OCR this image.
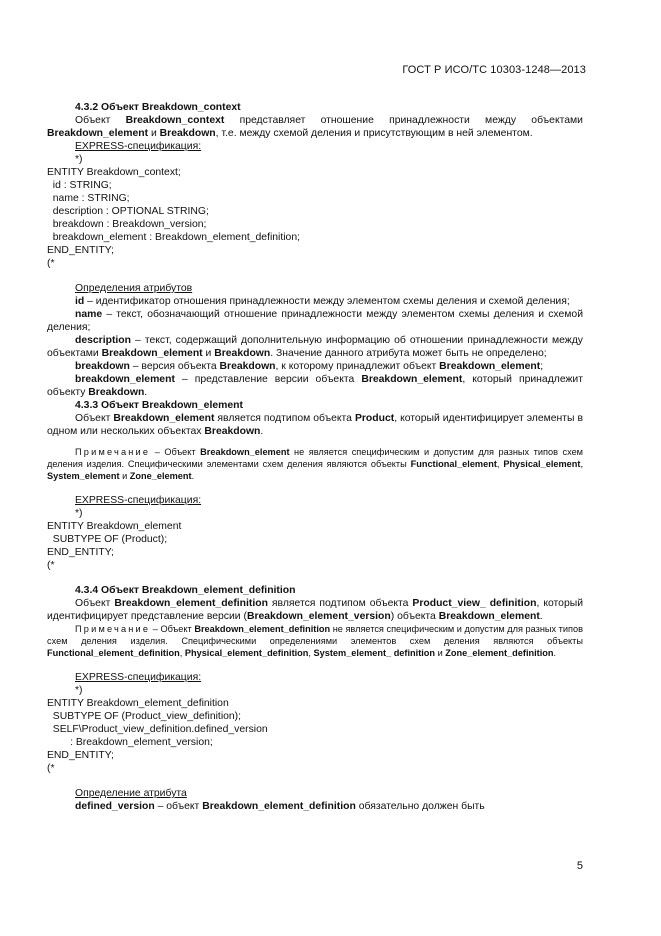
ГОСТ Р ИСО/ТС 10303-1248—2013

4.3.2 Объект Breakdown_context

Объект Breakdown_context представляет отношение принадлежности между объектами Breakdown_element и Breakdown, т.е. между схемой деления и присутствующим в ней элементом.

EXPRESS-спецификация:

*)
ENTITY Breakdown_context;
id : STRING;
name : STRING;
description : OPTIONAL STRING;
breakdown : Breakdown_version;
breakdown_element : Breakdown_element_definition;
END_ENTITY;
(*

Определения атрибутов

id – идентификатор отношения принадлежности между элементом схемы деления и схемой деления;

name – текст, обозначающий отношение принадлежности между элементом схемы деления и схемой деления;

description – текст, содержащий дополнительную информацию об отношении принадлежности между объектами Breakdown_element и Breakdown. Значение данного атрибута может быть не определено;

breakdown – версия объекта Breakdown, к которому принадлежит объект Breakdown_element;

breakdown_element – представление версии объекта Breakdown_element, который принадлежит объекту Breakdown.

4.3.3 Объект Breakdown_element

Объект Breakdown_element является подтипом объекта Product, который идентифицирует элементы в одном или нескольких объектах Breakdown.

Примечание – Объект Breakdown_element не является специфическим и допустим для разных типов схем деления изделия. Специфическими элементами схем деления являются объекты Functional_element, Physical_element, System_element и Zone_element.

EXPRESS-спецификация:

*)
ENTITY Breakdown_element
SUBTYPE OF (Product);
END_ENTITY;
(*

4.3.4 Объект Breakdown_element_definition

Объект Breakdown_element_definition является подтипом объекта Product_view_ definition, который идентифицирует представление версии (Breakdown_element_version) объекта Breakdown_element.

Примечание – Объект Breakdown_element_definition не является специфическим и допустим для разных типов схем деления изделия. Специфическими определениями элементов схем деления являются объекты Functional_element_definition, Physical_element_definition, System_element_ definition и Zone_element_definition.

EXPRESS-спецификация:

*)
ENTITY Breakdown_element_definition
SUBTYPE OF (Product_view_definition);
SELF\Product_view_definition.defined_version
: Breakdown_element_version;
END_ENTITY;
(*

Определение атрибута

defined_version – объект Breakdown_element_definition обязательно должен быть

5
